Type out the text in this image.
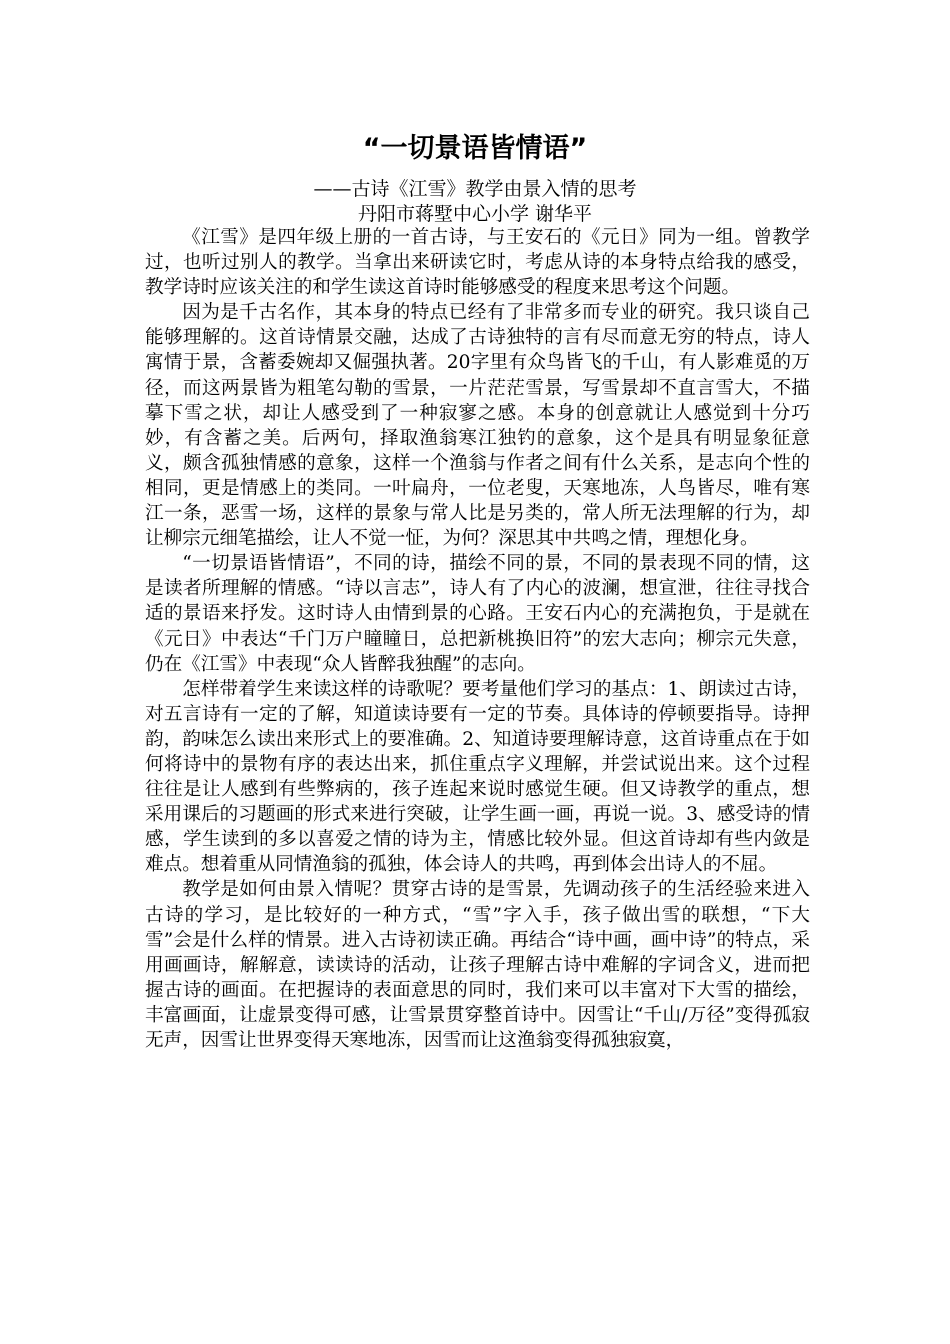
“一切景语皆情语”
——古诗《江雪》教学由景入情的思考
丹阳市蒋墅中心小学 谢华平

《江雪》是四年级上册的一首古诗，与王安石的《元日》同为一组。曾教学过，也听过别人的教学。当拿出来研读它时，考虑从诗的本身特点给我的感受，教学诗时应该关注的和学生读这首诗时能够感受的程度来思考这个问题。

因为是千古名作，其本身的特点已经有了非常多而专业的研究。我只谈自己能够理解的。这首诗情景交融，达成了古诗独特的言有尽而意无穷的特点，诗人寓情于景，含蓄委婉却又倔强执著。20字里有众鸟皆飞的千山，有人影难觅的万径，而这两景皆为粗笔勾勒的雪景，一片茫茫雪景，写雪景却不直言雪大，不描摹下雪之状，却让人感受到了一种寂寥之感。本身的创意就让人感觉到十分巧妙，有含蓄之美。后两句，择取渔翁寒江独钓的意象，这个是具有明显象征意义，颇含孤独情感的意象，这样一个渔翁与作者之间有什么关系，是志向个性的相同，更是情感上的类同。一叶扁舟，一位老叟，天寒地冻，人鸟皆尽，唯有寒江一条，恶雪一场，这样的景象与常人比是另类的，常人所无法理解的行为，却让柳宗元细笔描绘，让人不觉一怔，为何？深思其中共鸣之情，理想化身。

“一切景语皆情语”，不同的诗，描绘不同的景，不同的景表现不同的情，这是读者所理解的情感。“诗以言志”，诗人有了内心的波澜，想宣泄，往往寻找合适的景语来抒发。这时诗人由情到景的心路。王安石内心的充满抱负，于是就在《元日》中表达“千门万户瞳瞳日，总把新桃换旧符”的宏大志向；柳宗元失意，仍在《江雪》中表现“众人皆醉我独醒”的志向。

怎样带着学生来读这样的诗歌呢？要考量他们学习的基点：1、朗读过古诗，对五言诗有一定的了解，知道读诗要有一定的节奏。具体诗的停顿要指导。诗押韵，韵味怎么读出来形式上的要准确。2、知道诗要理解诗意，这首诗重点在于如何将诗中的景物有序的表达出来，抓住重点字义理解，并尝试说出来。这个过程往往是让人感到有些弊病的，孩子连起来说时感觉生硬。但又诗教学的重点，想采用课后的习题画的形式来进行突破，让学生画一画，再说一说。3、感受诗的情感，学生读到的多以喜爱之情的诗为主，情感比较外显。但这首诗却有些内敛是难点。想着重从同情渔翁的孤独，体会诗人的共鸣，再到体会出诗人的不屈。

教学是如何由景入情呢？贯穿古诗的是雪景，先调动孩子的生活经验来进入古诗的学习，是比较好的一种方式，“雪”字入手，孩子做出雪的联想，“下大雪”会是什么样的情景。进入古诗初读正确。再结合“诗中画，画中诗”的特点，采用画画诗，解解意，读读诗的活动，让孩子理解古诗中难解的字词含义，进而把握古诗的画面。在把握诗的表面意思的同时，我们来可以丰富对下大雪的描绘，丰富画面，让虚景变得可感，让雪景贯穿整首诗中。因雪让“千山/万径”变得孤寂无声，因雪让世界变得天寒地冻，因雪而让这渔翁变得孤独寂寞，
